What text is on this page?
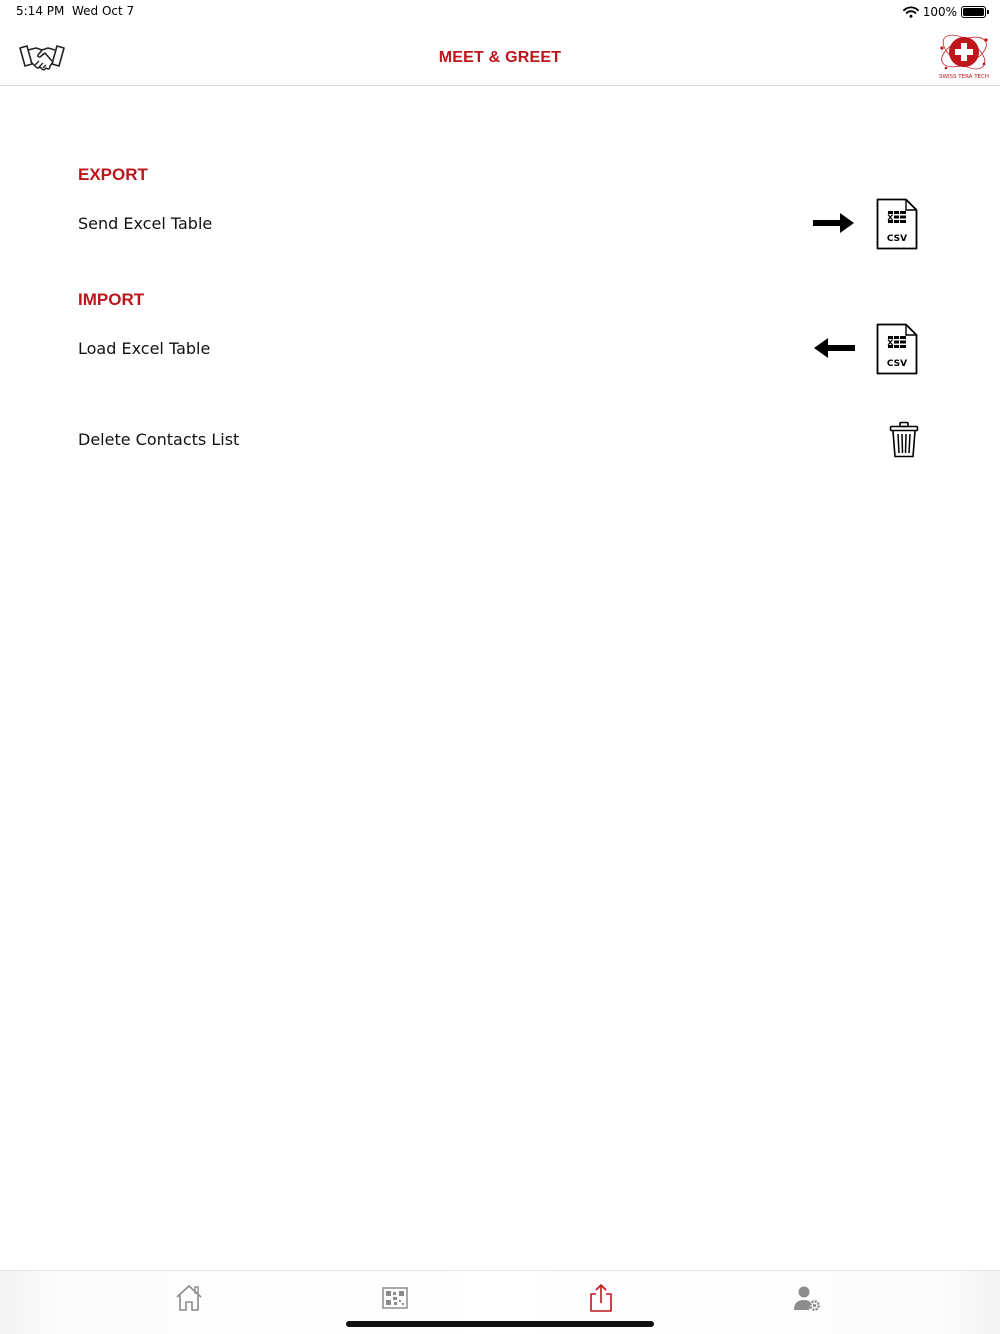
5:14 PM Wed Oct 7	100%
MEET & GREET
SWISS TERA TECH
EXPORT
Send Excel Table
CSV
IMPORT
Load Excel Table
CSV
Delete Contacts List
